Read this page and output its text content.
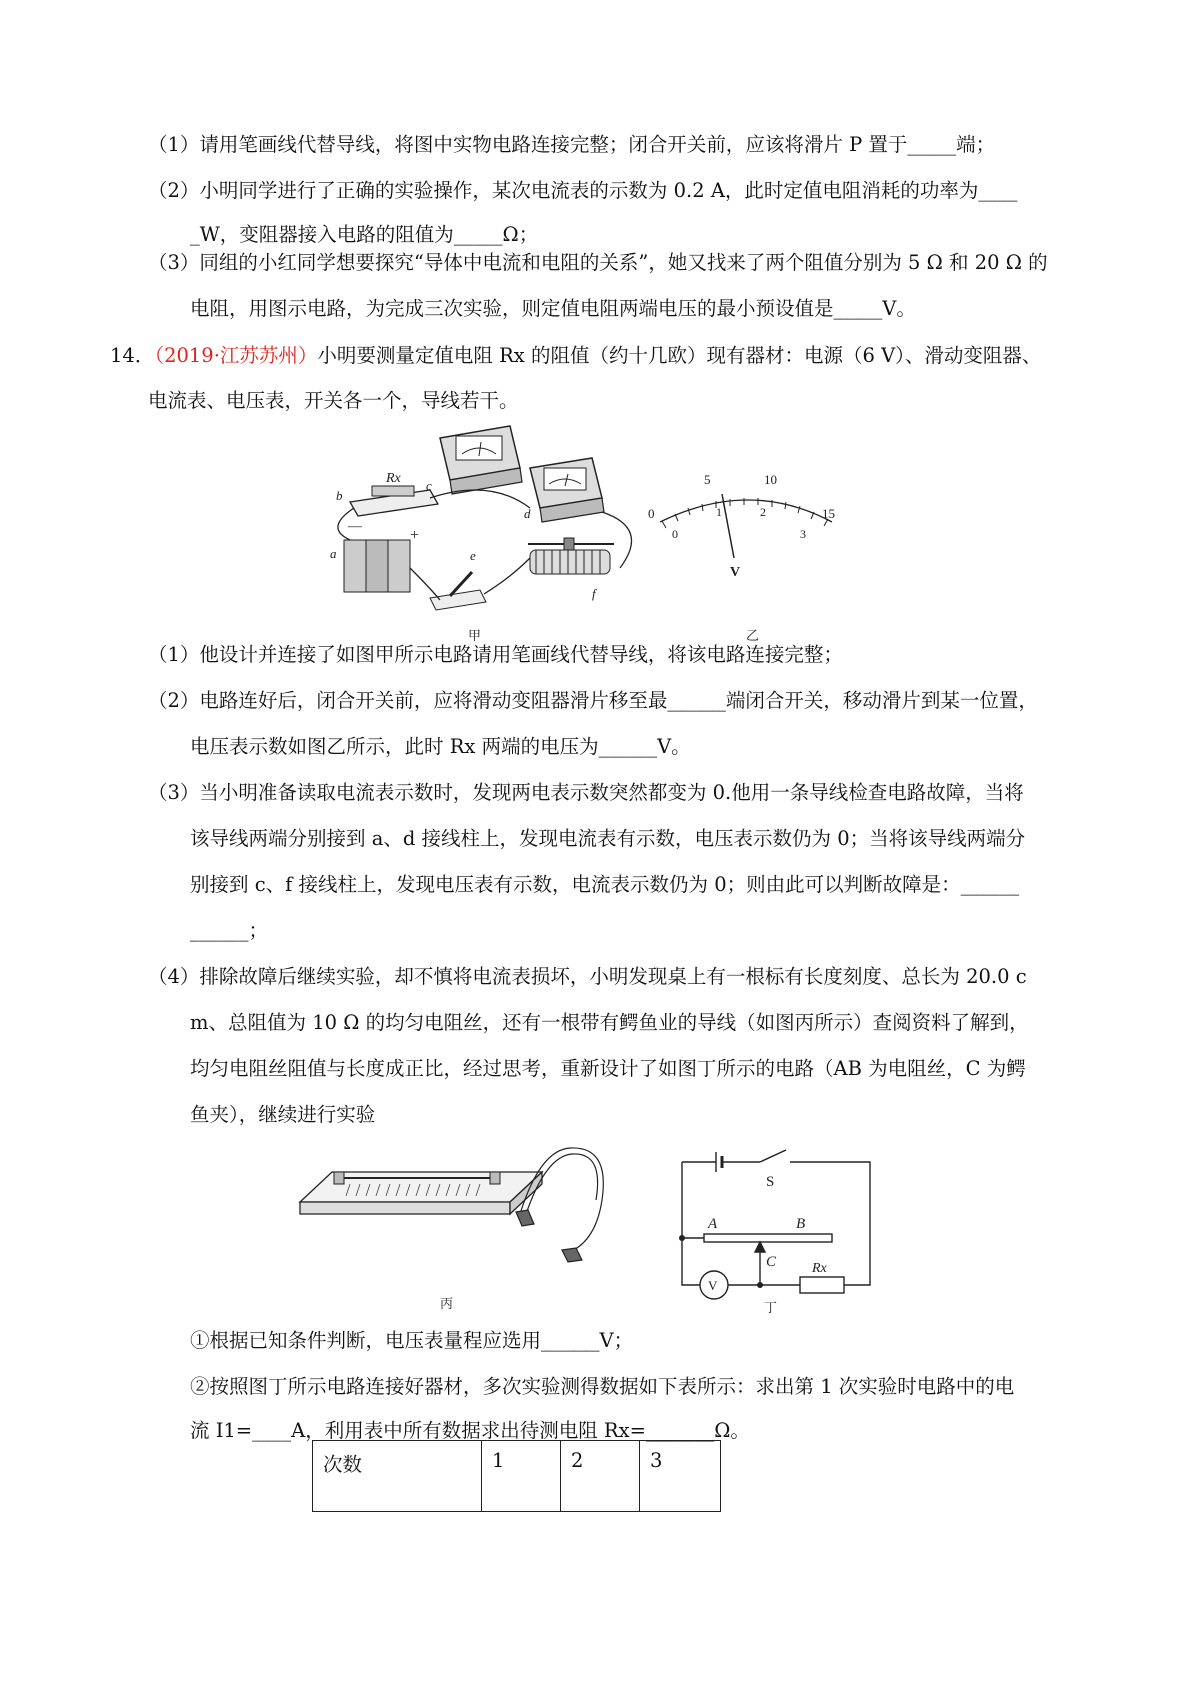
（1）请用笔画线代替导线，将图中实物电路连接完整；闭合开关前，应该将滑片 P 置于_____端；
（2）小明同学进行了正确的实验操作，某次电流表的示数为 0.2 A，此时定值电阻消耗的功率为____
_W，变阻器接入电路的阻值为_____Ω；
（3）同组的小红同学想要探究“导体中电流和电阻的关系”，她又找来了两个阻值分别为 5 Ω 和 20 Ω 的
电阻，用图示电路，为完成三次实验，则定值电阻两端电压的最小预设值是_____V。
14．（2019·江苏苏州）小明要测量定值电阻 Rx 的阻值（约十几欧）现有器材：电源（6 V）、滑动变阻器、
电流表、电压表，开关各一个，导线若干。
Rx
b
c
d
—
+
a
f
e
甲
0
5	10
15
0
1	2
3
V
乙
（1）他设计并连接了如图甲所示电路请用笔画线代替导线，将该电路连接完整；
（2）电路连好后，闭合开关前，应将滑动变阻器滑片移至最______端闭合开关，移动滑片到某一位置，
电压表示数如图乙所示，此时 Rx 两端的电压为______V。
（3）当小明准备读取电流表示数时，发现两电表示数突然都变为 0.他用一条导线检查电路故障，当将
该导线两端分别接到 a、d 接线柱上，发现电流表有示数，电压表示数仍为 0；当将该导线两端分
别接到 c、f 接线柱上，发现电压表有示数，电流表示数仍为 0；则由此可以判断故障是：______
______；
（4）排除故障后继续实验，却不慎将电流表损坏，小明发现桌上有一根标有长度刻度、总长为 20.0 c
m、总阻值为 10 Ω 的均匀电阻丝，还有一根带有鳄鱼业的导线（如图丙所示）查阅资料了解到，
均匀电阻丝阻值与长度成正比，经过思考，重新设计了如图丁所示的电路（AB 为电阻丝，C 为鳄
鱼夹），继续进行实验
丙
S
A	B
C
V
Rx
丁
①根据已知条件判断，电压表量程应选用______V；
②按照图丁所示电路连接好器材，多次实验测得数据如下表所示：求出第 1 次实验时电路中的电
流 I1=____A，利用表中所有数据求出待测电阻 Rx=_______Ω。
次数	1	2	3
